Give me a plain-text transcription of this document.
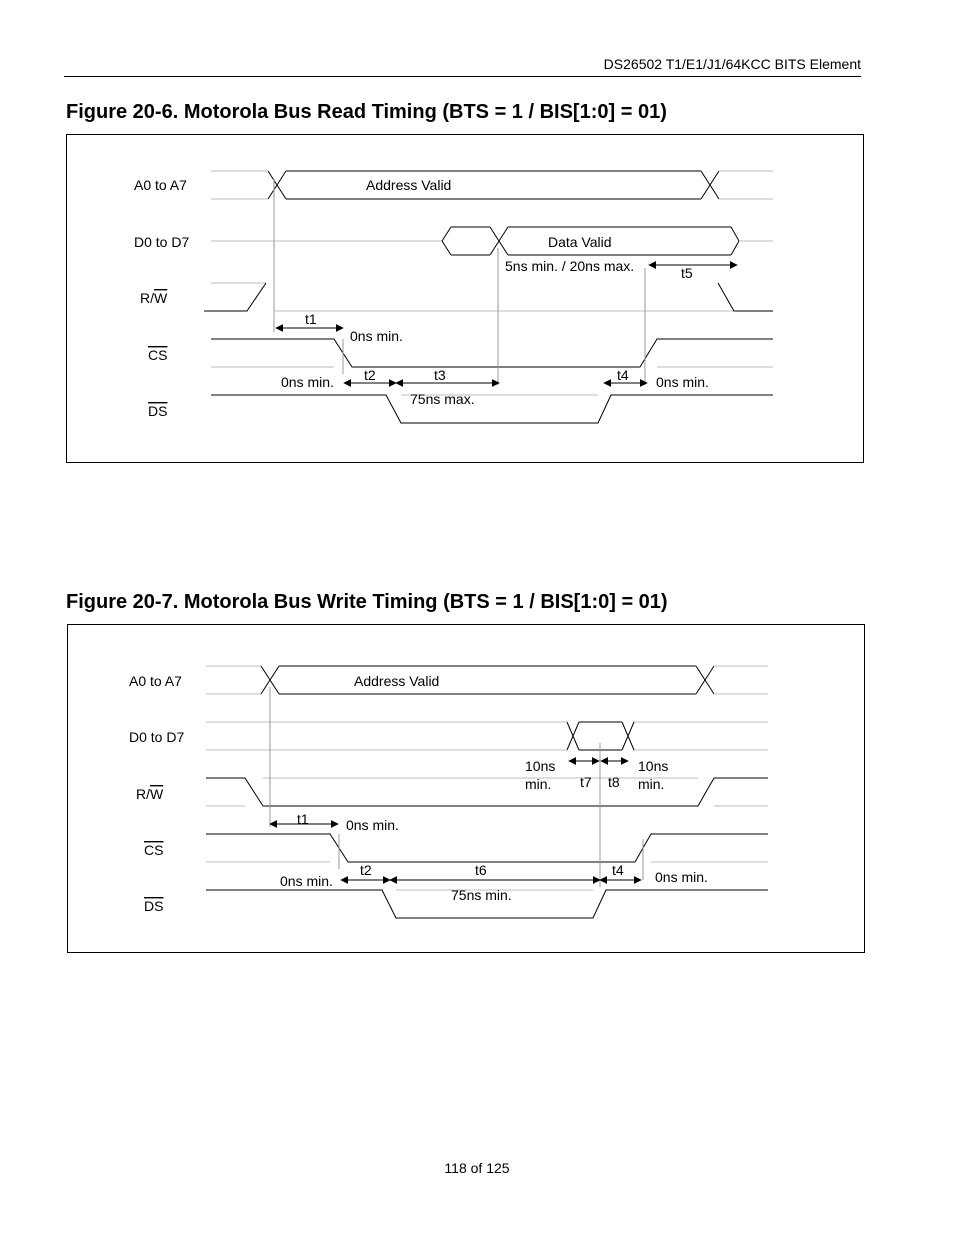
DS26502 T1/E1/J1/64KCC BITS Element
Figure 20-6. Motorola Bus Read Timing (BTS = 1 / BIS[1:0] = 01)
A0 to A7
D0 to D7
R/W
CS
DS
Address Valid
Data Valid
5ns min. / 20ns max.	t5
t1
0ns min.
0ns min. t2	t3
75ns max.
t4 0ns min.
Figure 20-7. Motorola Bus Write Timing (BTS = 1 / BIS[1:0] = 01)
A0 to A7
D0 to D7
R/W
CS
DS
Address Valid
10ns
min.
10ns
min.
t7 t8
t1	0ns min.
0ns min.
t2	t6
75ns min.
t4 0ns min.
118 of 125
